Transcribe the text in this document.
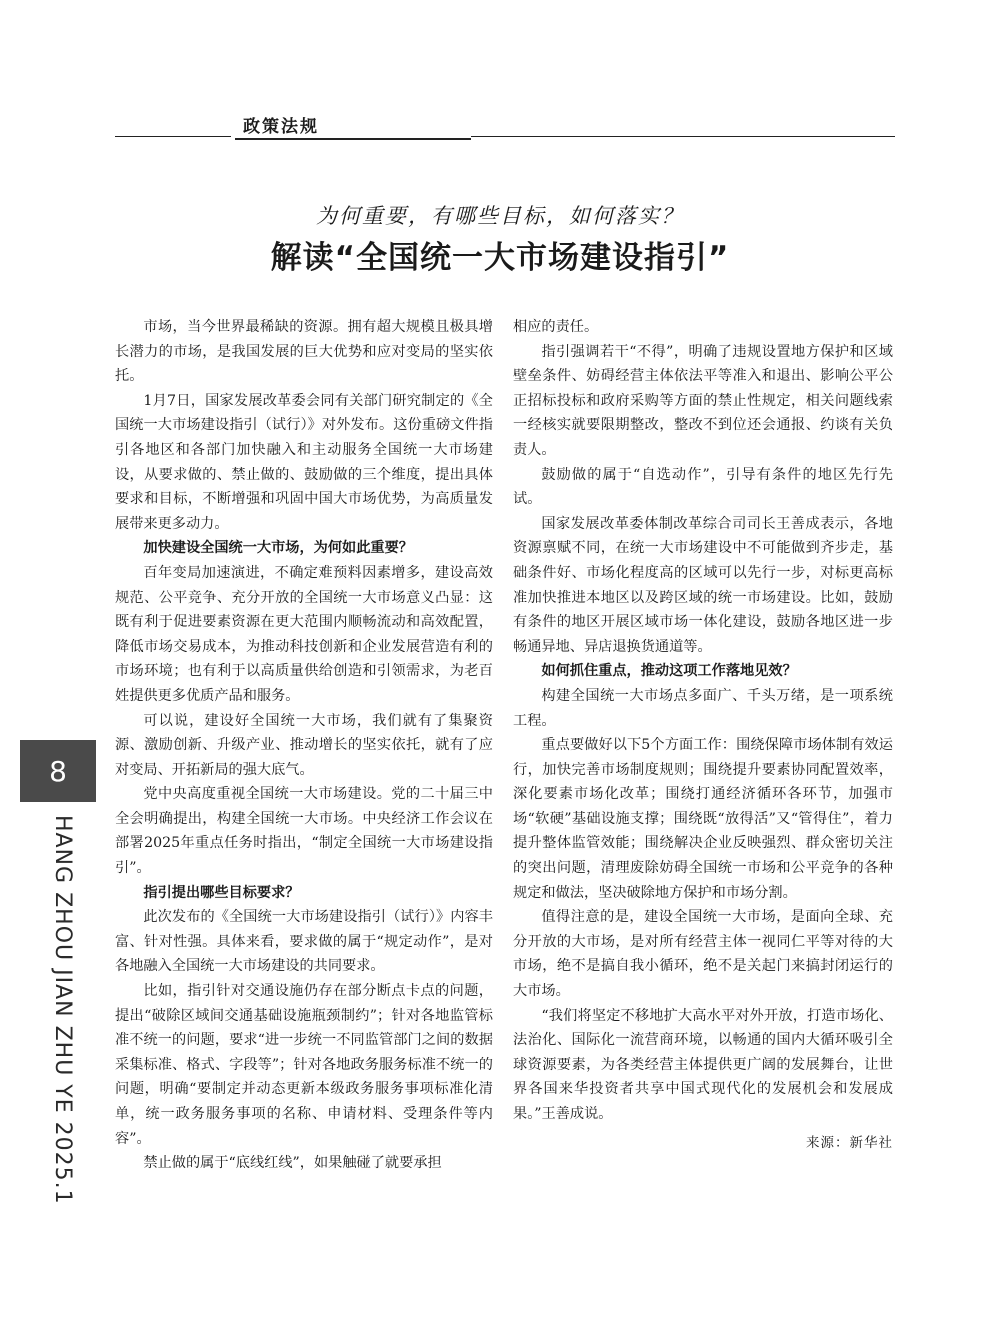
政策法规
为何重要，有哪些目标，如何落实？
解读“全国统一大市场建设指引”

市场，当今世界最稀缺的资源。拥有超大规模且极具增长潜力的市场，是我国发展的巨大优势和应对变局的坚实依托。

1月7日，国家发展改革委会同有关部门研究制定的《全国统一大市场建设指引（试行）》对外发布。这份重磅文件指引各地区和各部门加快融入和主动服务全国统一大市场建设，从要求做的、禁止做的、鼓励做的三个维度，提出具体要求和目标，不断增强和巩固中国大市场优势，为高质量发展带来更多动力。

加快建设全国统一大市场，为何如此重要？

百年变局加速演进，不确定难预料因素增多，建设高效规范、公平竞争、充分开放的全国统一大市场意义凸显：这既有利于促进要素资源在更大范围内顺畅流动和高效配置，降低市场交易成本，为推动科技创新和企业发展营造有利的市场环境；也有利于以高质量供给创造和引领需求，为老百姓提供更多优质产品和服务。

可以说，建设好全国统一大市场，我们就有了集聚资源、激励创新、升级产业、推动增长的坚实依托，就有了应对变局、开拓新局的强大底气。

党中央高度重视全国统一大市场建设。党的二十届三中全会明确提出，构建全国统一大市场。中央经济工作会议在部署2025年重点任务时指出，“制定全国统一大市场建设指引”。

指引提出哪些目标要求？

此次发布的《全国统一大市场建设指引（试行）》内容丰富、针对性强。具体来看，要求做的属于“规定动作”，是对各地融入全国统一大市场建设的共同要求。

比如，指引针对交通设施仍存在部分断点卡点的问题，提出“破除区域间交通基础设施瓶颈制约”；针对各地监管标准不统一的问题，要求“进一步统一不同监管部门之间的数据采集标准、格式、字段等”；针对各地政务服务标准不统一的问题，明确“要制定并动态更新本级政务服务事项标准化清单，统一政务服务事项的名称、申请材料、受理条件等内容”。

禁止做的属于“底线红线”，如果触碰了就要承担

相应的责任。

指引强调若干“不得”，明确了违规设置地方保护和区域壁垒条件、妨碍经营主体依法平等准入和退出、影响公平公正招标投标和政府采购等方面的禁止性规定，相关问题线索一经核实就要限期整改，整改不到位还会通报、约谈有关负责人。

鼓励做的属于“自选动作”，引导有条件的地区先行先试。

国家发展改革委体制改革综合司司长王善成表示，各地资源禀赋不同，在统一大市场建设中不可能做到齐步走，基础条件好、市场化程度高的区域可以先行一步，对标更高标准加快推进本地区以及跨区域的统一市场建设。比如，鼓励有条件的地区开展区域市场一体化建设，鼓励各地区进一步畅通异地、异店退换货通道等。

如何抓住重点，推动这项工作落地见效？

构建全国统一大市场点多面广、千头万绪，是一项系统工程。

重点要做好以下5个方面工作：围绕保障市场体制有效运行，加快完善市场制度规则；围绕提升要素协同配置效率，深化要素市场化改革；围绕打通经济循环各环节，加强市场“软硬”基础设施支撑；围绕既“放得活”又“管得住”，着力提升整体监管效能；围绕解决企业反映强烈、群众密切关注的突出问题，清理废除妨碍全国统一市场和公平竞争的各种规定和做法，坚决破除地方保护和市场分割。

值得注意的是，建设全国统一大市场，是面向全球、充分开放的大市场，是对所有经营主体一视同仁平等对待的大市场，绝不是搞自我小循环，绝不是关起门来搞封闭运行的大市场。

“我们将坚定不移地扩大高水平对外开放，打造市场化、法治化、国际化一流营商环境，以畅通的国内大循环吸引全球资源要素，为各类经营主体提供更广阔的发展舞台，让世界各国来华投资者共享中国式现代化的发展机会和发展成果。”王善成说。

来源：新华社

8
HANG ZHOU JIAN ZHU YE 2025.1
